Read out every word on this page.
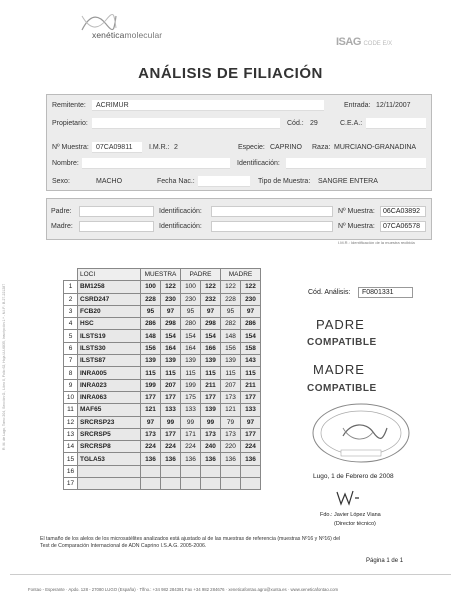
xenéticamolecular
ISAG CODE E/X
ANÁLISIS DE FILIACIÓN
R. M. de Lugo, Tomo 204, Sección G., Libro 0, Folio 62, Hoja LU-6835, Inscripción 1.ª - N.I.F.: B-27-221287
Remitente: ACRIMUR	Entrada: 12/11/2007
Propietario:	Cód.: 29	C.E.A.:
Nº Muestra: 07CA09811 I.M.R.: 2	Especie: CAPRINO Raza: MURCIANO-GRANADINA
Nombre:	Identificación:
Sexo:	MACHO	Fecha Nac.:	Tipo de Muestra: SANGRE ENTERA
Padre:	Identificación:	Nº Muestra:	06CA03892
Madre:	Identificación:	Nº Muestra:	07CA06578
I.M.R.: Identificación de la muestra recibida
	LOCI	MUESTRA		PADRE		MADRE	
1	BM1258	100	122	100	122	122	122
2	CSRD247	228	230	230	232	228	230
3	FCB20	95	97	95	97	95	97
4	HSC	286	298	280	298	282	286
5	ILSTS19	148	154	154	154	148	154
6	ILSTS30	156	164	164	166	156	158
7	ILSTS87	139	139	139	139	139	143
8	INRA005	115	115	115	115	115	115
9	INRA023	199	207	199	211	207	211
10	INRA063	177	177	175	177	173	177
11	MAF65	121	133	133	139	121	133
12	SRCRSP23	97	99	99	99	79	97
13	SRCRSP5	173	177	171	173	173	177
14	SRCRSP8	224	224	224	240	220	224
15	TGLA53	136	136	136	136	136	136
16							
17							
Cód. Análisis:	F0801331
PADRE
COMPATIBLE
MADRE
COMPATIBLE
Lugo, 1 de Febrero de 2008
Fdo.: Javier López Viana
(Director técnico)
El tamaño de los alelos de los microsatélites analizados está ajustado al de las muestras de referencia (muestras Nº16 y Nº16) del Test de Comparación Internacional de ADN Caprino I.S.A.G. 2005-2006.
Página 1 de 1
Fontao - Esperante · Apdo. 128 - 27080 LUGO (España) · Tlfno.: +34 982 284391 Fax +34 982 284676 · xeneticafontao.agro@xunta.es · www.xeneticafontao.com
